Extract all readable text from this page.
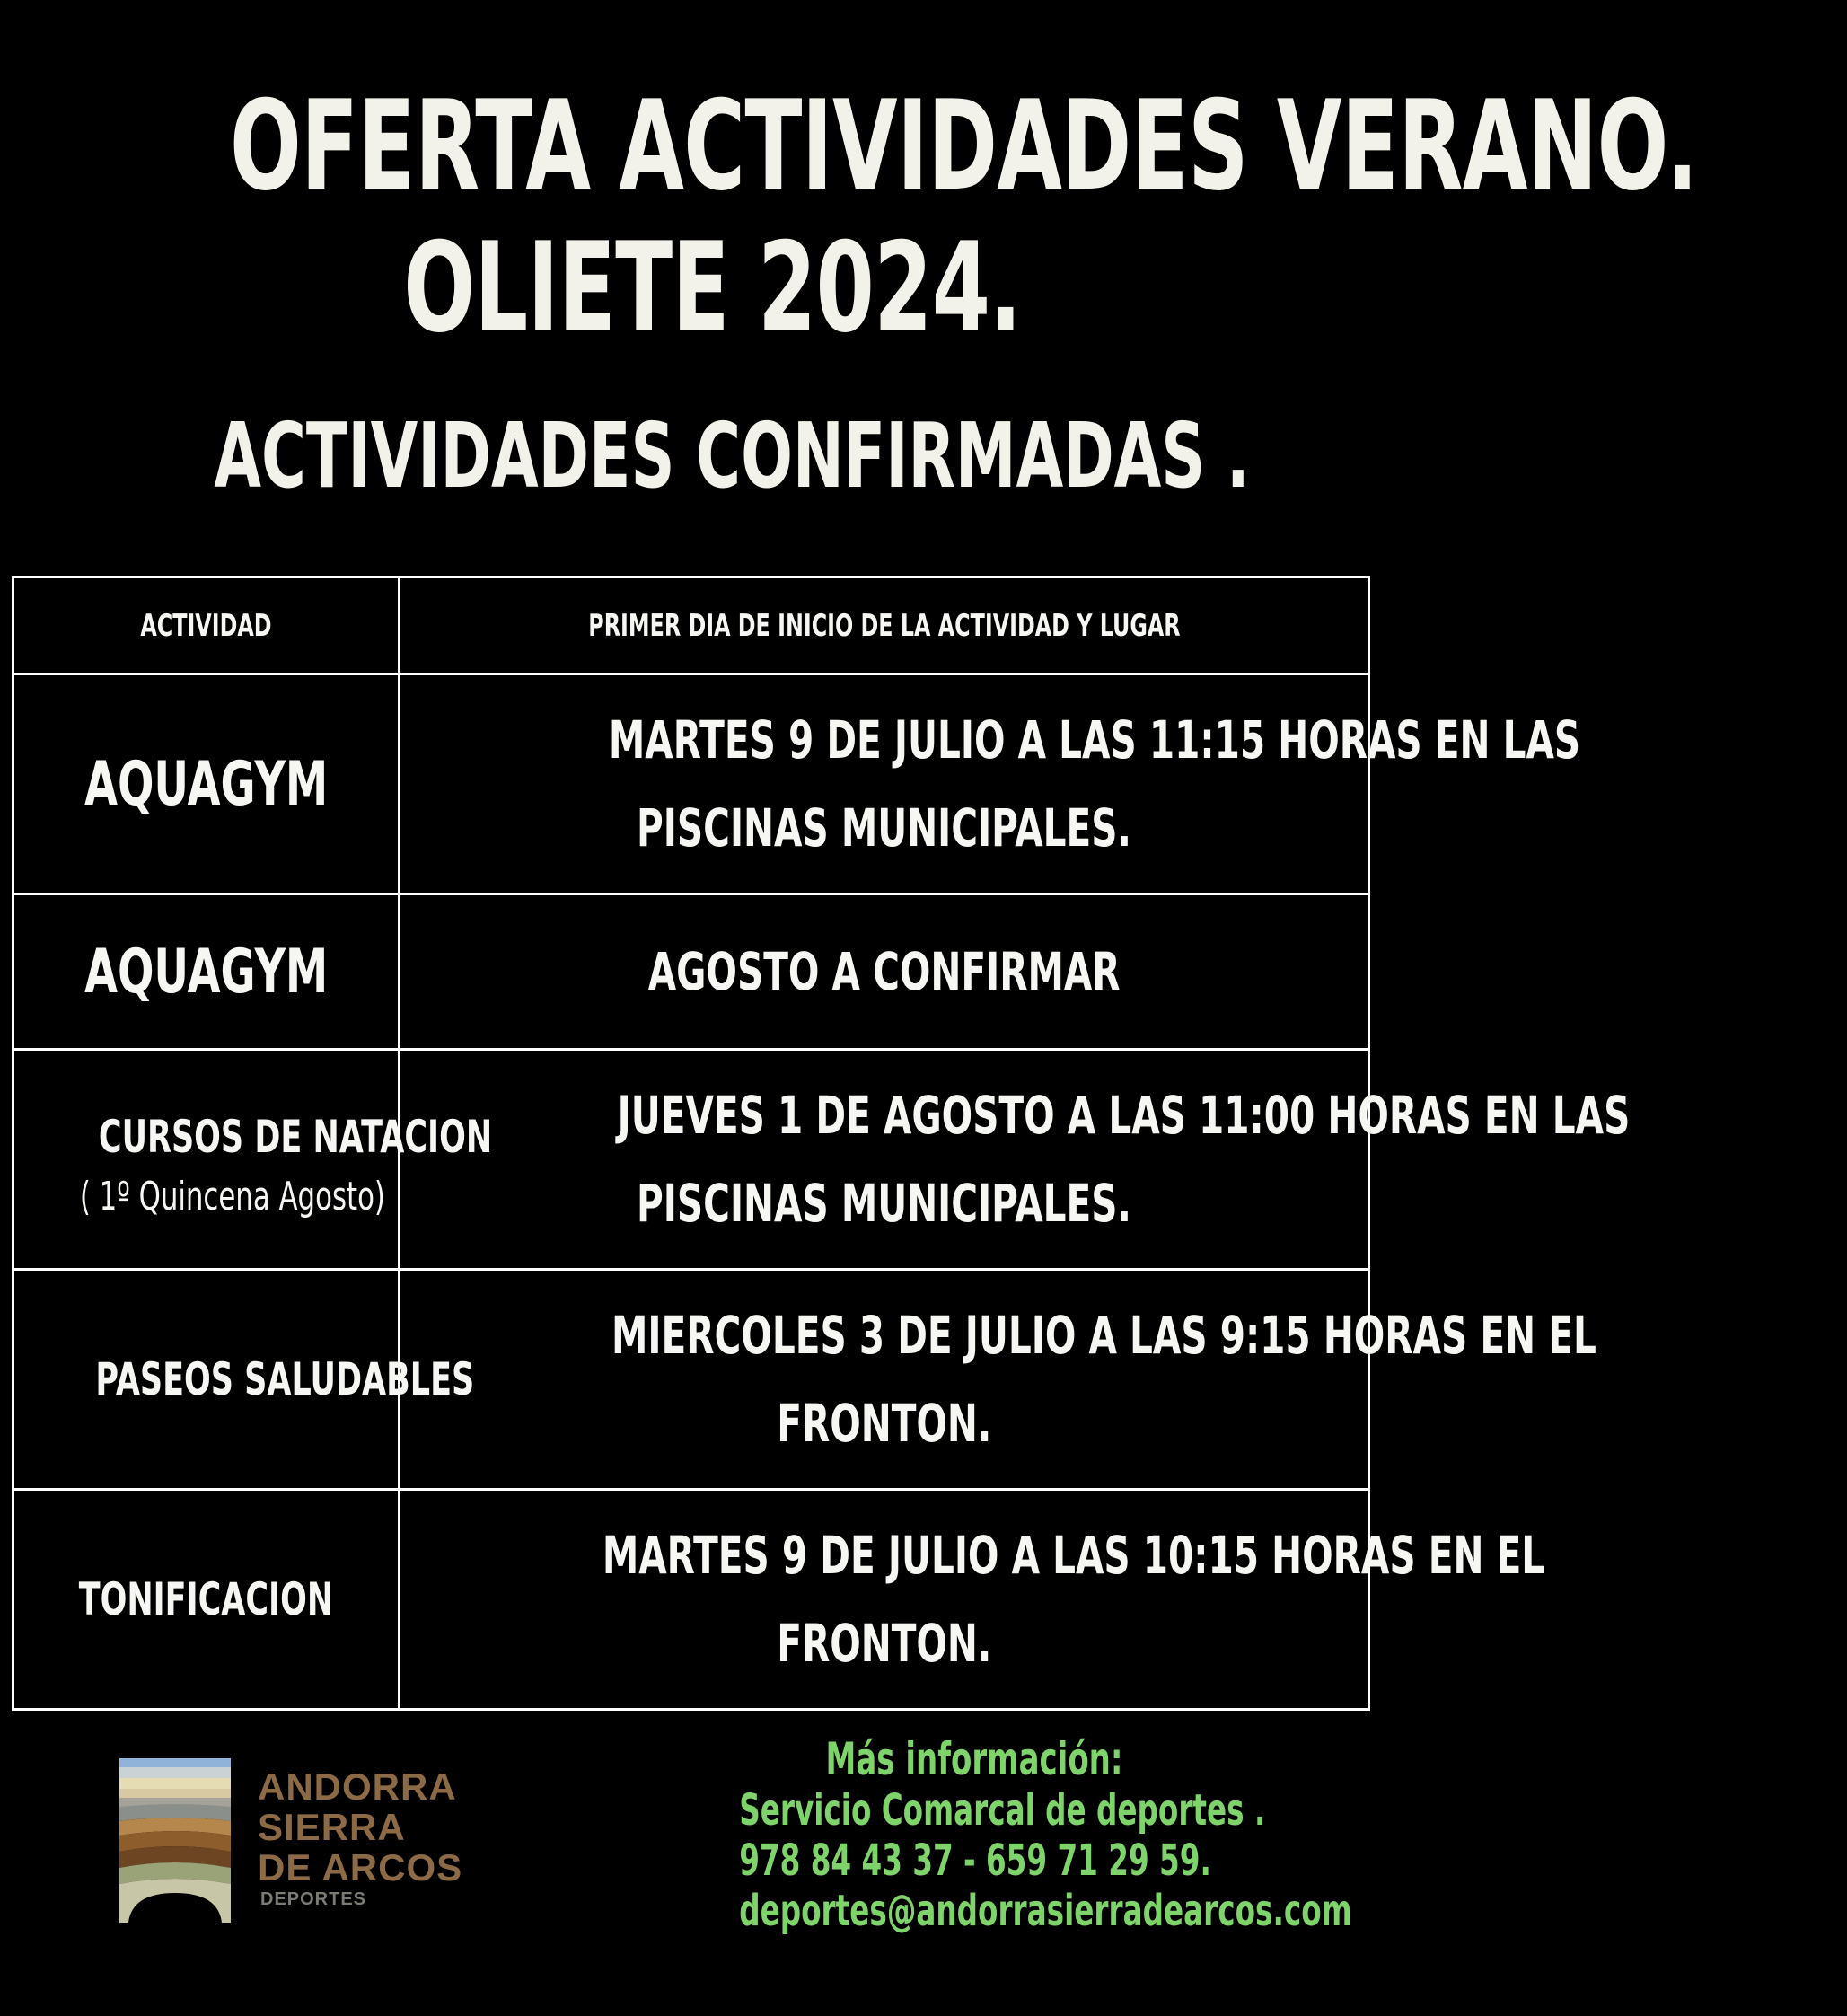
OFERTA ACTIVIDADES VERANO.
OLIETE 2024.
ACTIVIDADES CONFIRMADAS .
ACTIVIDAD	PRIMER DIA DE INICIO DE LA ACTIVIDAD Y LUGAR
AQUAGYM	MARTES 9 DE JULIO A LAS 11:15 HORAS EN LAS
PISCINAS MUNICIPALES.
AQUAGYM	AGOSTO A CONFIRMAR
CURSOS DE NATACION
( 1º Quincena Agosto)	JUEVES 1 DE AGOSTO A LAS 11:00 HORAS EN LAS
PISCINAS MUNICIPALES.
PASEOS SALUDABLES	MIERCOLES 3 DE JULIO A LAS 9:15 HORAS EN EL
FRONTON.
TONIFICACION	MARTES 9 DE JULIO A LAS 10:15 HORAS EN EL
FRONTON.
ANDORRA
SIERRA
DE ARCOS
DEPORTES
Más información:
Servicio Comarcal de deportes .
978 84 43 37 - 659 71 29 59.
deportes@andorrasierradearcos.com
